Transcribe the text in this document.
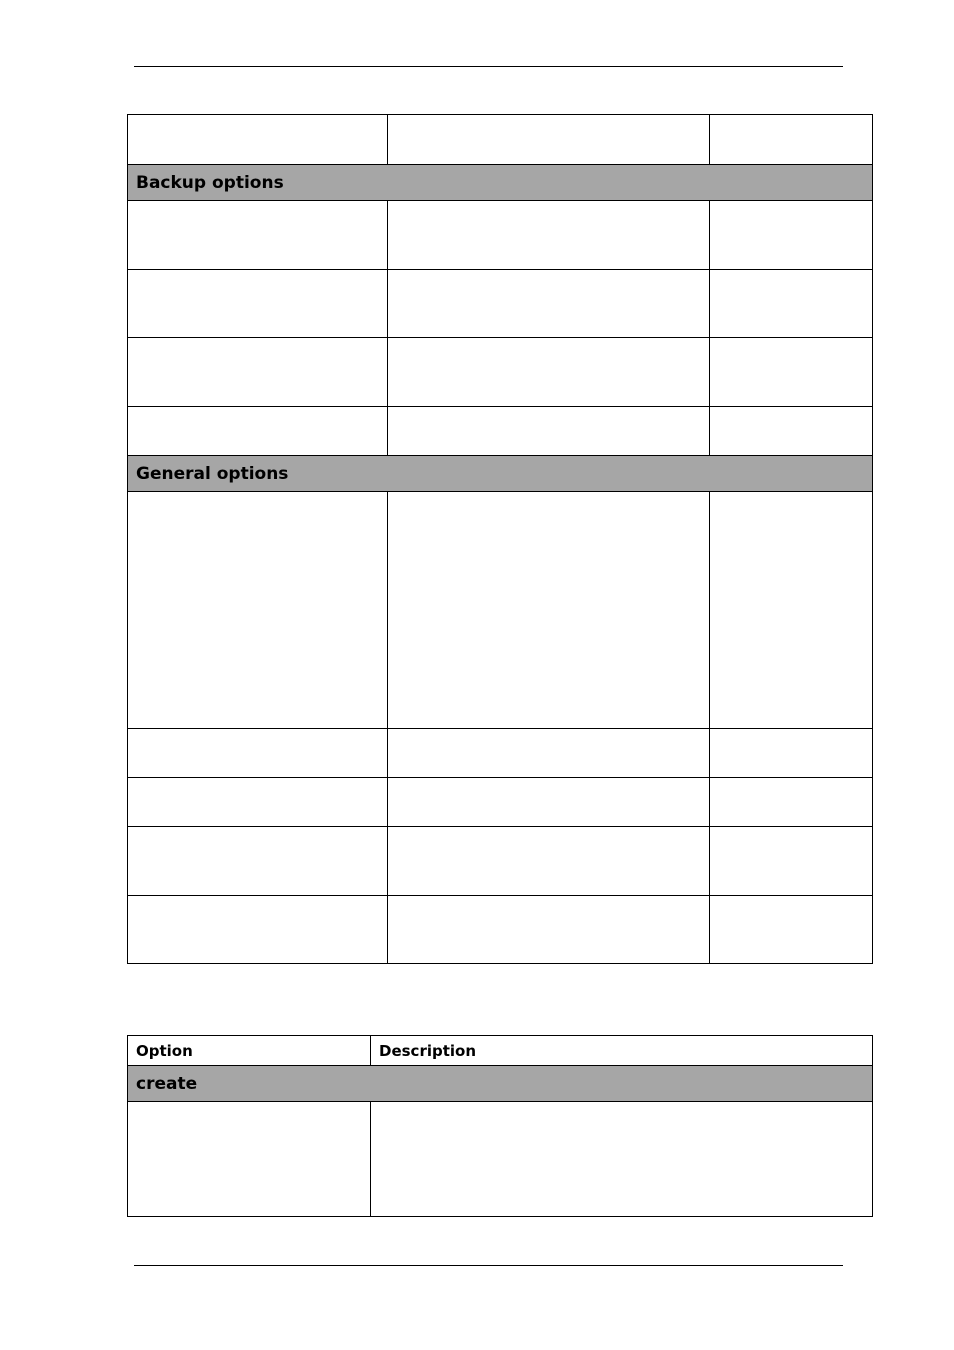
Backup options		

General options		

Option	Description
create	
